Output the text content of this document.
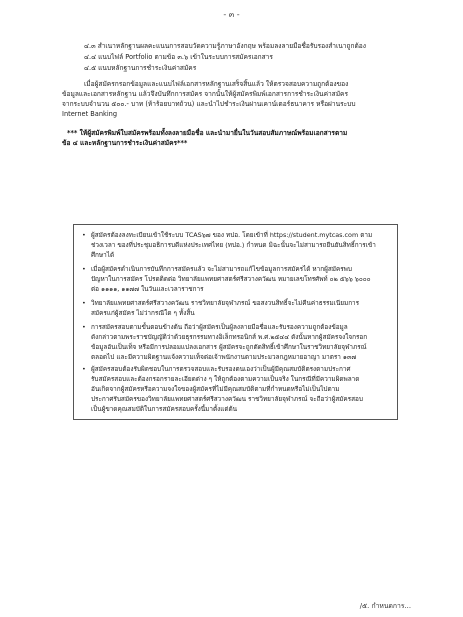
- ๓ -
๔.๓ สำเนาหลักฐานผลคะแนนการสอบวัดความรู้ภาษาอังกฤษ พร้อมลงลายมือชื่อรับรองสำเนาถูกต้อง
๔.๔ แนบไฟล์ Portfolio ตามข้อ ๓.๖ เข้าในระบบการสมัครเอกสาร
๔.๕ แนบหลักฐานการชำระเงินค่าสมัคร
เมื่อผู้สมัครกรอกข้อมูลและแนบไฟล์เอกสารหลักฐานเสร็จสิ้นแล้ว ให้ตรวจสอบความถูกต้องของ
ข้อมูลและเอกสารหลักฐาน แล้วจึงบันทึกการสมัคร จากนั้นให้ผู้สมัครพิมพ์เอกสารการชำระเงินค่าสมัคร
จากระบบจำนวน ๕๐๐.- บาท (ห้าร้อยบาทถ้วน) และนำไปชำระเงินผ่านเคาน์เตอร์ธนาคาร หรือผ่านระบบ
Internet Banking
*** ให้ผู้สมัครพิมพ์ใบสมัครพร้อมทั้งลงลายมือชื่อ และนำมายื่นในวันสอบสัมภาษณ์พร้อมเอกสารตาม
ข้อ ๔ และหลักฐานการชำระเงินค่าสมัคร***
• ผู้สมัครต้องลงทะเบียนเข้าใช้ระบบ TCAS๖๗ ของ ทปอ. โดยเข้าที่ https://student.mytcas.com ตาม
ช่วงเวลา ของที่ประชุมอธิการบดีแห่งประเทศไทย (ทปอ.) กำหนด มิฉะนั้นจะไม่สามารถยืนยันสิทธิ์การเข้า
ศึกษาได้
• เมื่อผู้สมัครดำเนินการบันทึกการสมัครแล้ว จะไม่สามารถแก้ไขข้อมูลการสมัครได้ หากผู้สมัครพบ
ปัญหาในการสมัคร โปรดติดต่อ วิทยาลัยแพทยศาสตร์ศรีสวางควัฒน หมายเลขโทรศัพท์ ๐๒ ๕๖๖ ๖๐๐๐
ต่อ ๑๑๑๑, ๑๑๗๗ ในวันและเวลาราชการ
• วิทยาลัยแพทยศาสตร์ศรีสวางควัฒน ราชวิทยาลัยจุฬาภรณ์ ขอสงวนสิทธิ์จะไม่คืนค่าธรรมเนียมการ
สมัครแก่ผู้สมัคร ไม่ว่ากรณีใด ๆ ทั้งสิ้น
• การสมัครสอบตามขั้นตอนข้างต้น ถือว่าผู้สมัครเป็นผู้ลงลายมือชื่อและรับรองความถูกต้องข้อมูล
ดังกล่าวตามพระราชบัญญัติว่าด้วยธุรกรรมทางอิเล็กทรอนิกส์ พ.ศ.๒๕๔๔ ดังนั้นหากผู้สมัครจงใจกรอก
ข้อมูลอันเป็นเท็จ หรือมีการปลอมแปลงเอกสาร ผู้สมัครจะถูกตัดสิทธิ์เข้าศึกษาในราชวิทยาลัยจุฬาภรณ์
ตลอดไป และมีความผิดฐานแจ้งความเท็จต่อเจ้าพนักงานตามประมวลกฎหมายอาญา มาตรา ๑๓๗
• ผู้สมัครสอบต้องรับผิดชอบในการตรวจสอบและรับรองตนเองว่าเป็นผู้มีคุณสมบัติตรงตามประกาศ
รับสมัครสอบและต้องกรอกรายละเอียดต่าง ๆ ให้ถูกต้องตามความเป็นจริง ในกรณีที่มีความผิดพลาด
อันเกิดจากผู้สมัครหรือความจงใจของผู้สมัครที่ไม่มีคุณสมบัติตามที่กำหนดหรือไม่เป็นไปตาม
ประกาศรับสมัครของวิทยาลัยแพทยศาสตร์ศรีสวางควัฒน ราชวิทยาลัยจุฬาภรณ์ จะถือว่าผู้สมัครสอบ
เป็นผู้ขาดคุณสมบัติในการสมัครสอบครั้งนี้มาตั้งแต่ต้น
/๕. กำหนดการ...
